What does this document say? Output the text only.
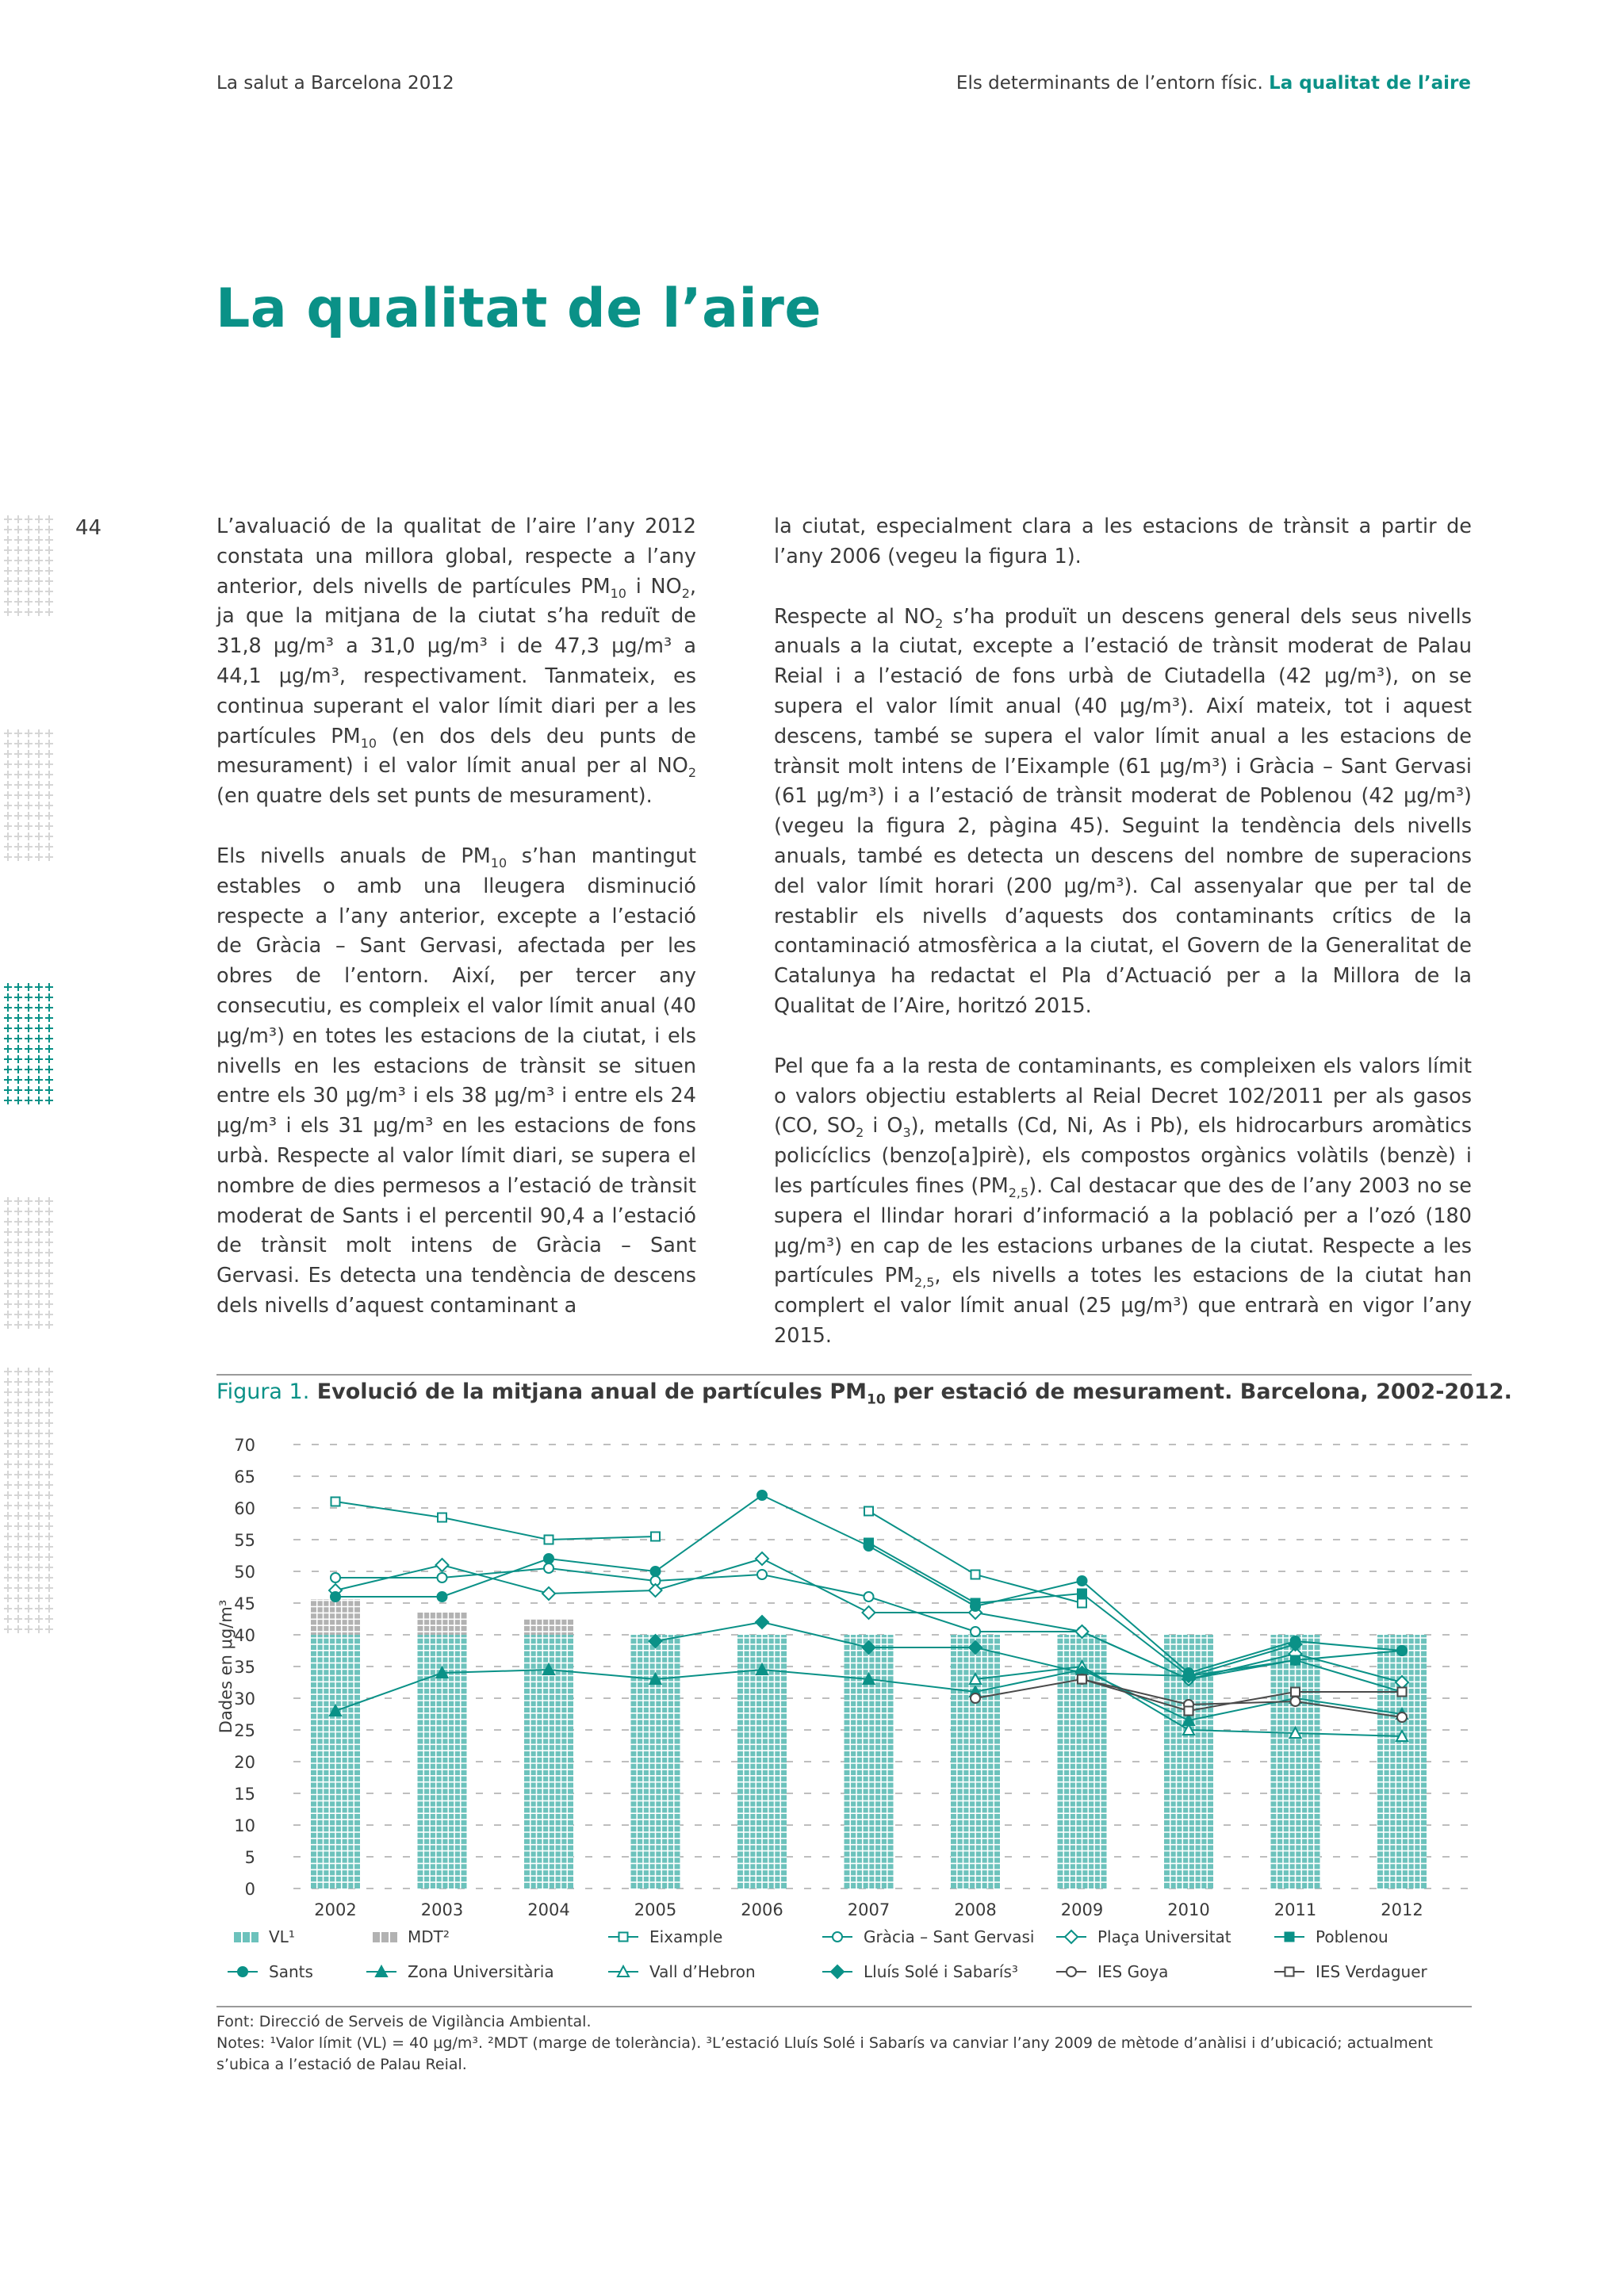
La salut a Barcelona 2012	Els determinants de l’entorn físic. La qualitat de l’aire
La qualitat de l’aire
44	L’avaluació de la qualitat de l’aire l’any 2012 constata una millora global, respecte a l’any anterior, dels nivells de partícules $PM_{10}$ i $NO_2$, ja que la mitjana de la ciutat s’ha reduït de 31,8 μg/m³ a 31,0 μg/m³ i de 47,3 μg/m³ a 44,1 μg/m³, respectivament. Tanmateix, es continua superant el valor límit diari per a les partícules $PM_{10}$ (en dos dels deu punts de mesurament) i el valor límit anual per al $NO_2$ (en quatre dels set punts de mesurament).

Els nivells anuals de $PM_{10}$ s’han mantingut estables o amb una lleugera disminució respecte a l’any anterior, excepte a l’estació de Gràcia – Sant Gervasi, afectada per les obres de l’entorn. Així, per tercer any consecutiu, es compleix el valor límit anual (40 μg/m³) en totes les estacions de la ciutat, i els nivells en les estacions de trànsit se situen entre els 30 μg/m³ i els 38 μg/m³ i entre els 24 μg/m³ i els 31 μg/m³ en les estacions de fons urbà. Respecte al valor límit diari, se supera el nombre de dies permesos a l’estació de trànsit moderat de Sants i el percentil 90,4 a l’estació de trànsit molt intens de Gràcia – Sant Gervasi. Es detecta una tendència de descens dels nivells d’aquest contaminant a

la ciutat, especialment clara a les estacions de trànsit a partir de l’any 2006 (vegeu la figura 1).

Respecte al $NO_2$ s’ha produït un descens general dels seus nivells anuals a la ciutat, excepte a l’estació de trànsit moderat de Palau Reial i a l’estació de fons urbà de Ciutadella (42 μg/m³), on se supera el valor límit anual (40 μg/m³). Així mateix, tot i aquest descens, també se supera el valor límit anual a les estacions de trànsit molt intens de l’Eixample (61 μg/m³) i Gràcia – Sant Gervasi (61 μg/m³) i a l’estació de trànsit moderat de Poblenou (42 μg/m³) (vegeu la figura 2, pàgina 45). Seguint la tendència dels nivells anuals, també es detecta un descens del nombre de superacions del valor límit horari (200 μg/m³). Cal assenyalar que per tal de restablir els nivells d’aquests dos contaminants crítics de la contaminació atmosfèrica a la ciutat, el Govern de la Generalitat de Catalunya ha redactat el Pla d’Actuació per a la Millora de la Qualitat de l’Aire, horitzó 2015.

Pel que fa a la resta de contaminants, es compleixen els valors límit o valors objectiu establerts al Reial Decret 102/2011 per als gasos (CO, $SO_2$ i $O_3$), metalls (Cd, Ni, As i Pb), els hidrocarburs aromàtics policíclics (benzo[a]pirè), els compostos orgànics volàtils (benzè) i les partícules fines $(PM_{2,5})$. Cal destacar que des de l’any 2003 no se supera el llindar horari d’informació a la població per a l’ozó (180 μg/m³) en cap de les estacions urbanes de la ciutat. Respecte a les partícules $PM_{2,5}$, els nivells a totes les estacions de la ciutat han complert el valor límit anual (25 μg/m³) que entrarà en vigor l’any 2015.

Figura 1. Evolució de la mitjana anual de partícules $PM_{10}$ per estació de mesurament. Barcelona, 2002-2012.
0
5
10
15
20
25
30
35
40
45
50
55
60
65
70
Dades en μg/m³
2002	2003	2004	2005	2006	2007	2008	2009	2010	2011	2012
VL¹	MDT²	Eixample	Gràcia – Sant Gervasi	Plaça Universitat	Poblenou
Sants	Zona Universitària	Vall d’Hebron	Lluís Solé i Sabarís³	IES Goya	IES Verdaguer

Font: Direcció de Serveis de Vigilància Ambiental.

Notes: ¹Valor límit (VL) = 40 μg/m³. ²MDT (marge de tolerància). ³L’estació Lluís Solé i Sabarís va canviar l’any 2009 de mètode d’anàlisi i d’ubicació; actualment s’ubica a l’estació de Palau Reial.
